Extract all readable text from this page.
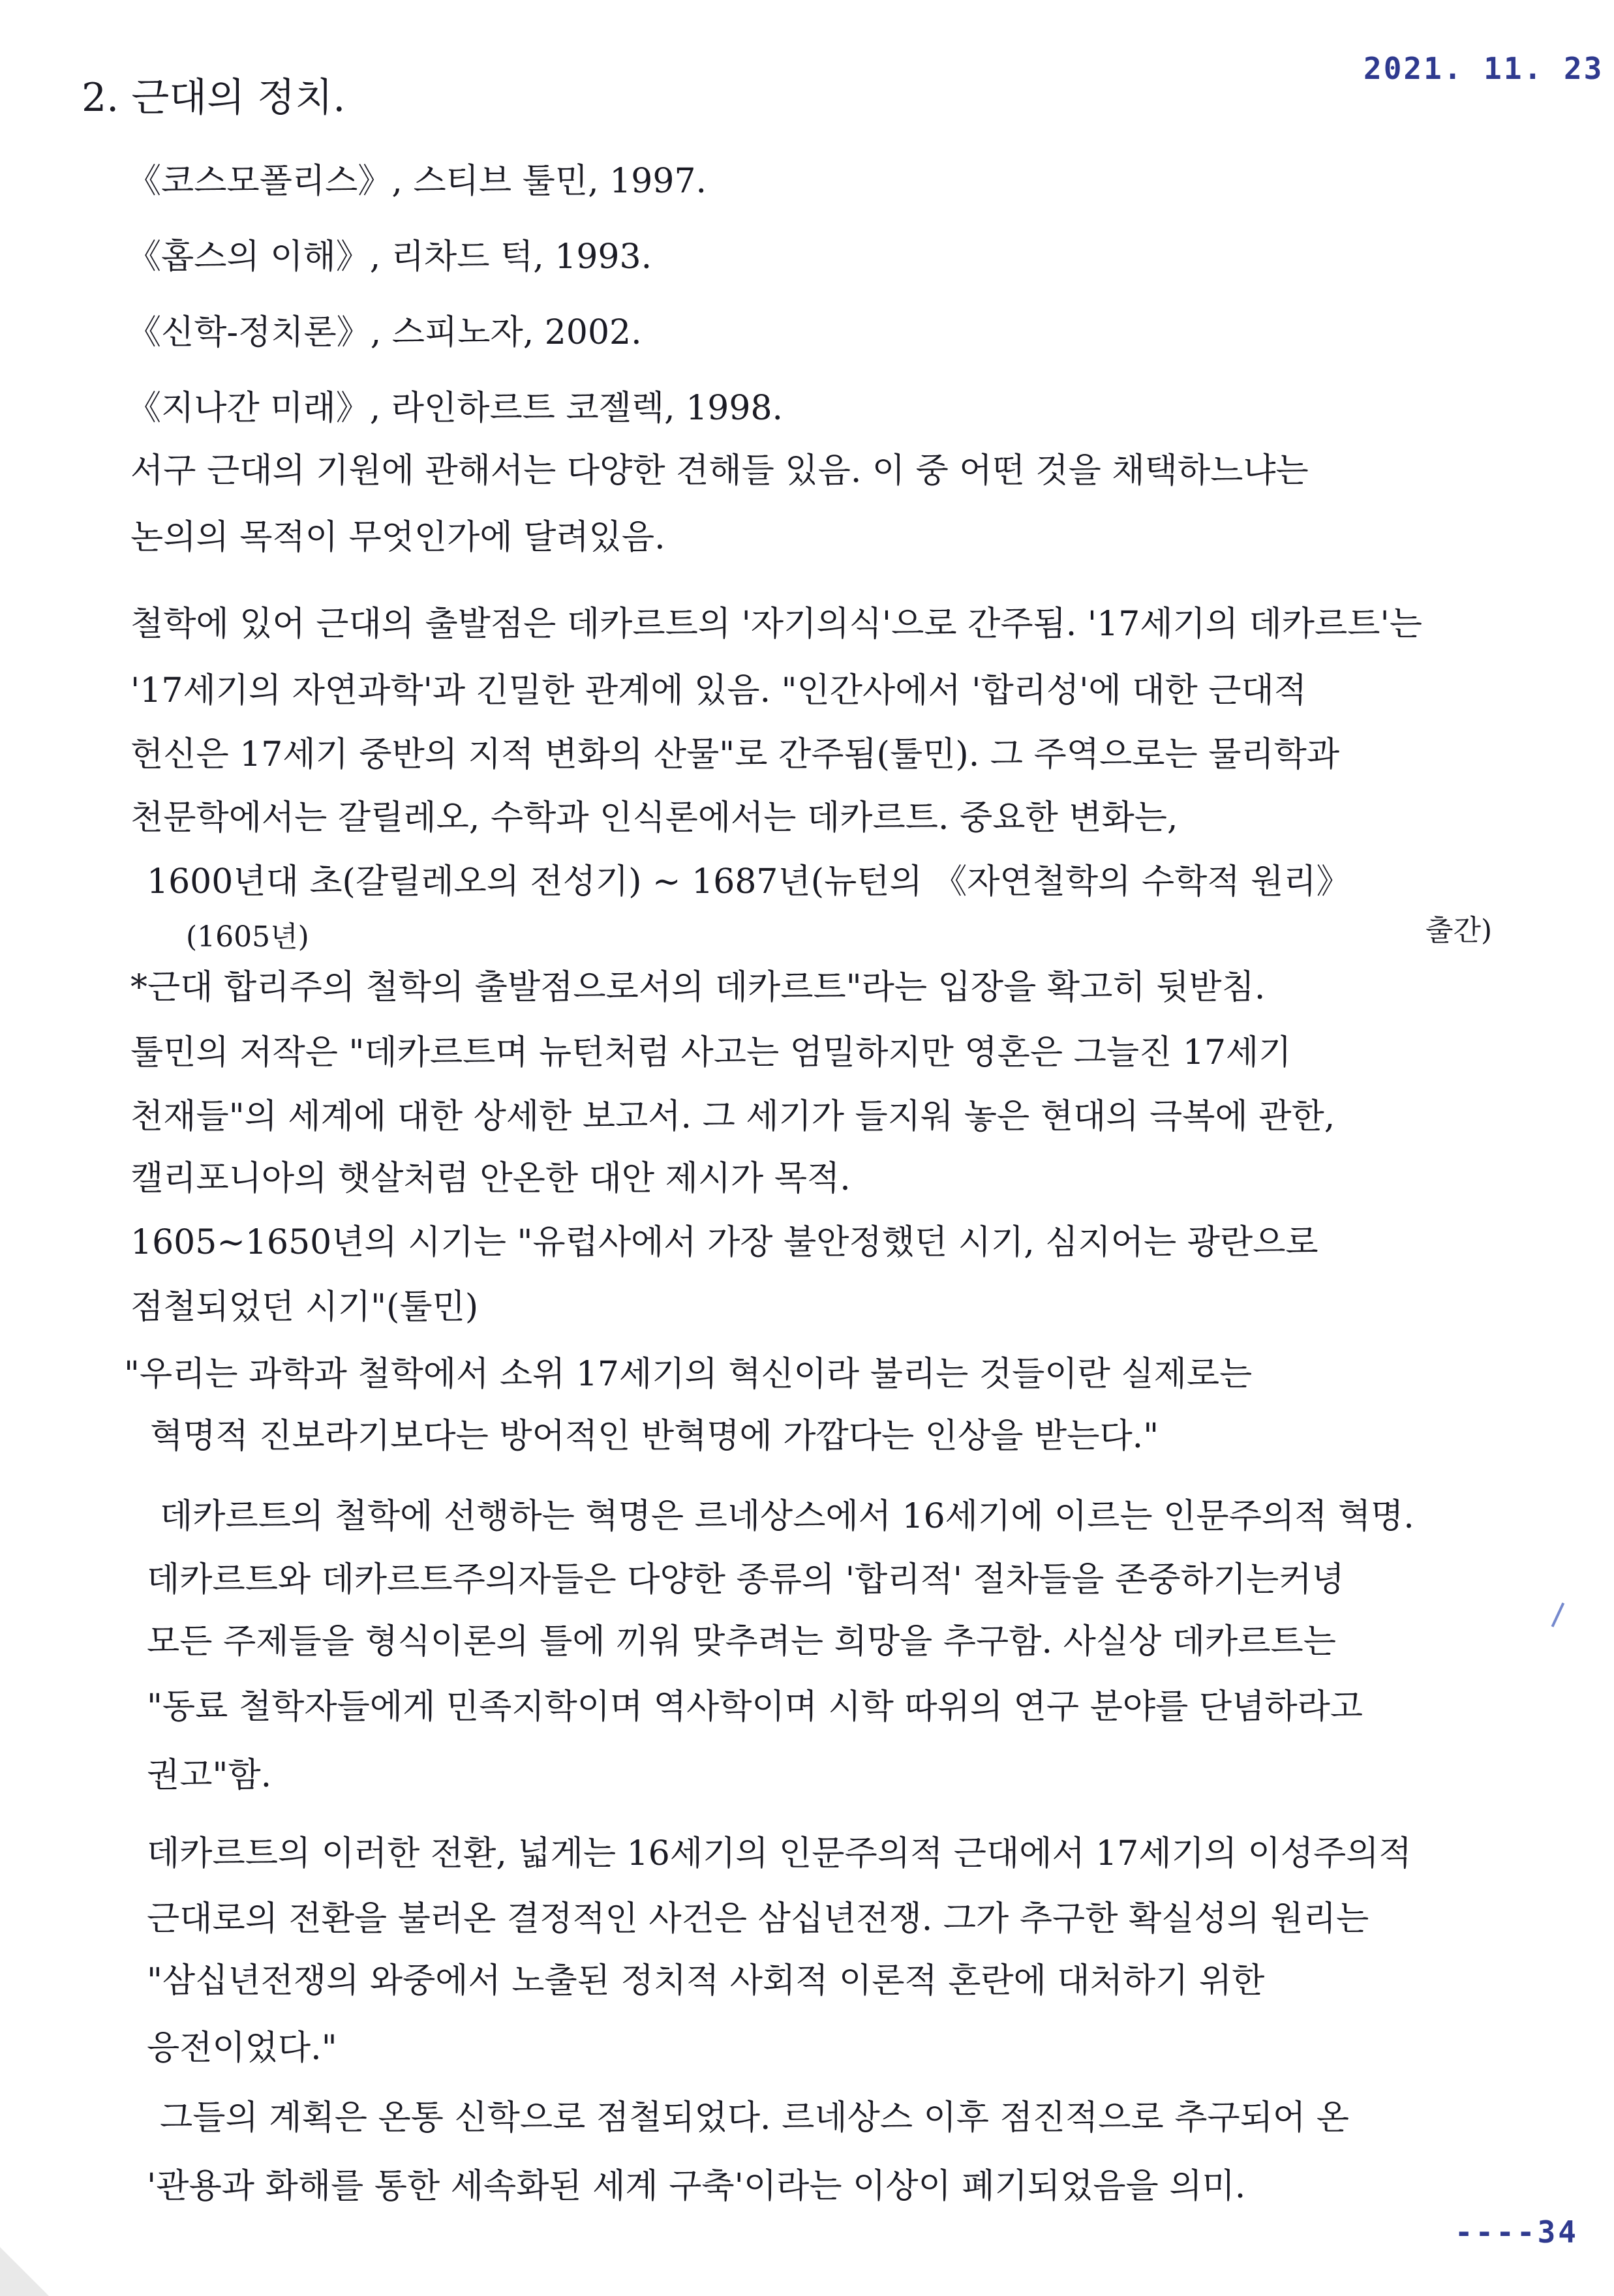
2021. 11. 23
2. 근대의 정치.
《코스모폴리스》, 스티브 툴민, 1997.
《홉스의 이해》, 리차드 턱, 1993.
《신학-정치론》, 스피노자, 2002.
《지나간 미래》, 라인하르트 코젤렉, 1998.
서구 근대의 기원에 관해서는 다양한 견해들 있음. 이 중 어떤 것을 채택하느냐는
논의의 목적이 무엇인가에 달려있음.
철학에 있어 근대의 출발점은 데카르트의 '자기의식'으로 간주됨. '17세기의 데카르트'는
'17세기의 자연과학'과 긴밀한 관계에 있음. "인간사에서 '합리성'에 대한 근대적
헌신은 17세기 중반의 지적 변화의 산물"로 간주됨(툴민). 그 주역으로는 물리학과
천문학에서는 갈릴레오, 수학과 인식론에서는 데카르트. 중요한 변화는,
1600년대 초(갈릴레오의 전성기) ~ 1687년(뉴턴의 《자연철학의 수학적 원리》
(1605년)	출간)
*근대 합리주의 철학의 출발점으로서의 데카르트"라는 입장을 확고히 뒷받침.
툴민의 저작은 "데카르트며 뉴턴처럼 사고는 엄밀하지만 영혼은 그늘진 17세기
천재들"의 세계에 대한 상세한 보고서. 그 세기가 들지워 놓은 현대의 극복에 관한,
캘리포니아의 햇살처럼 안온한 대안 제시가 목적.
1605~1650년의 시기는 "유럽사에서 가장 불안정했던 시기, 심지어는 광란으로
점철되었던 시기"(툴민)
"우리는 과학과 철학에서 소위 17세기의 혁신이라 불리는 것들이란 실제로는
혁명적 진보라기보다는 방어적인 반혁명에 가깝다는 인상을 받는다."
데카르트의 철학에 선행하는 혁명은 르네상스에서 16세기에 이르는 인문주의적 혁명.
데카르트와 데카르트주의자들은 다양한 종류의 '합리적' 절차들을 존중하기는커녕
모든 주제들을 형식이론의 틀에 끼워 맞추려는 희망을 추구함. 사실상 데카르트는
"동료 철학자들에게 민족지학이며 역사학이며 시학 따위의 연구 분야를 단념하라고
권고"함.
데카르트의 이러한 전환, 넓게는 16세기의 인문주의적 근대에서 17세기의 이성주의적
근대로의 전환을 불러온 결정적인 사건은 삼십년전쟁. 그가 추구한 확실성의 원리는
"삼십년전쟁의 와중에서 노출된 정치적 사회적 이론적 혼란에 대처하기 위한
응전이었다."
그들의 계획은 온통 신학으로 점철되었다. 르네상스 이후 점진적으로 추구되어 온
'관용과 화해를 통한 세속화된 세계 구축'이라는 이상이 폐기되었음을 의미.
----34
